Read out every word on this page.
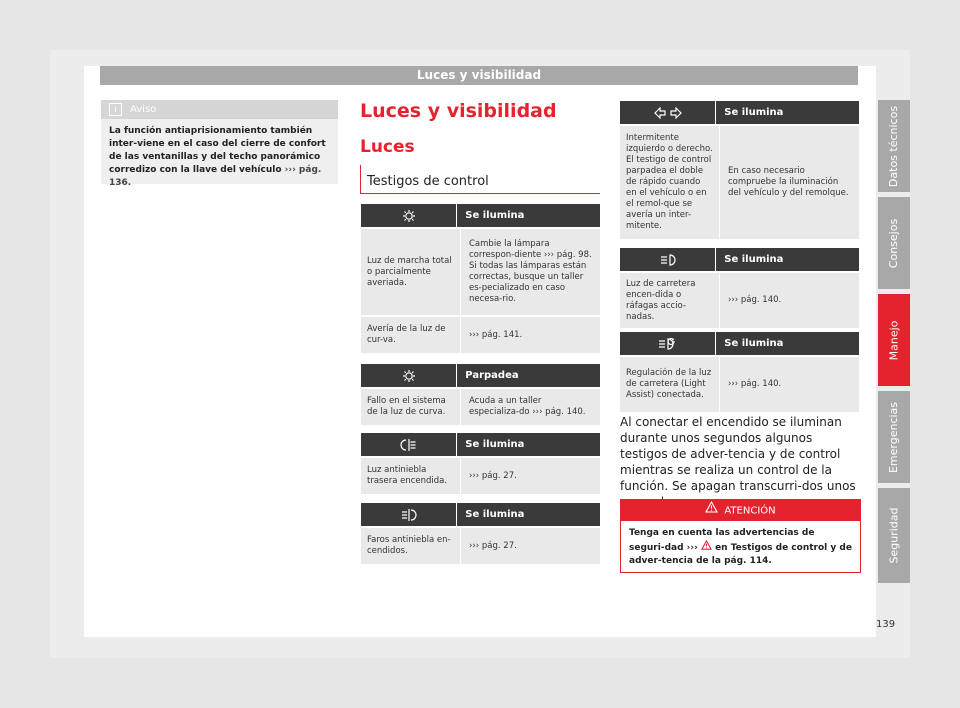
Luces y visibilidad
Datos técnicos
Consejos
Manejo
Emergencias
Seguridad
139
i Aviso
La función antiaprisionamiento también inter-viene en el caso del cierre de confort de las ventanillas y del techo panorámico corredizo con la llave del vehículo ››› pág. 136.
Luces y visibilidad
Luces
Testigos de control
Se ilumina
Luz de marcha total o parcialmente averiada.
Cambie la lámpara correspon-diente ››› pág. 98.
Si todas las lámparas están correctas, busque un taller es-pecializado en caso necesa-rio.
Avería de la luz de cur-va.
››› pág. 141.
Parpadea
Fallo en el sistema de la luz de curva.
Acuda a un taller especializa-do ››› pág. 140.
Se ilumina
Luz antiniebla trasera encendida.
››› pág. 27.
Se ilumina
Faros antiniebla en-cendidos.
››› pág. 27.
Se ilumina
Intermitente izquierdo o derecho.
El testigo de control parpadea el doble de rápido cuando en el vehículo o en el remol-que se avería un inter-mitente.
En caso necesario compruebe la iluminación del vehículo y del remolque.
Se ilumina
Luz de carretera encen-dida o ráfagas accio-nadas.
››› pág. 140.
Se ilumina
Regulación de la luz de carretera (Light Assist) conectada.
››› pág. 140.
Al conectar el encendido se iluminan durante unos segundos algunos testigos de adver-tencia y de control mientras se realiza un control de la función. Se apagan transcurri-dos unos
ATENCIÓN
Tenga en cuenta las advertencias de seguri-dad ››› en Testigos de control y de adver-tencia de la pág. 114.
